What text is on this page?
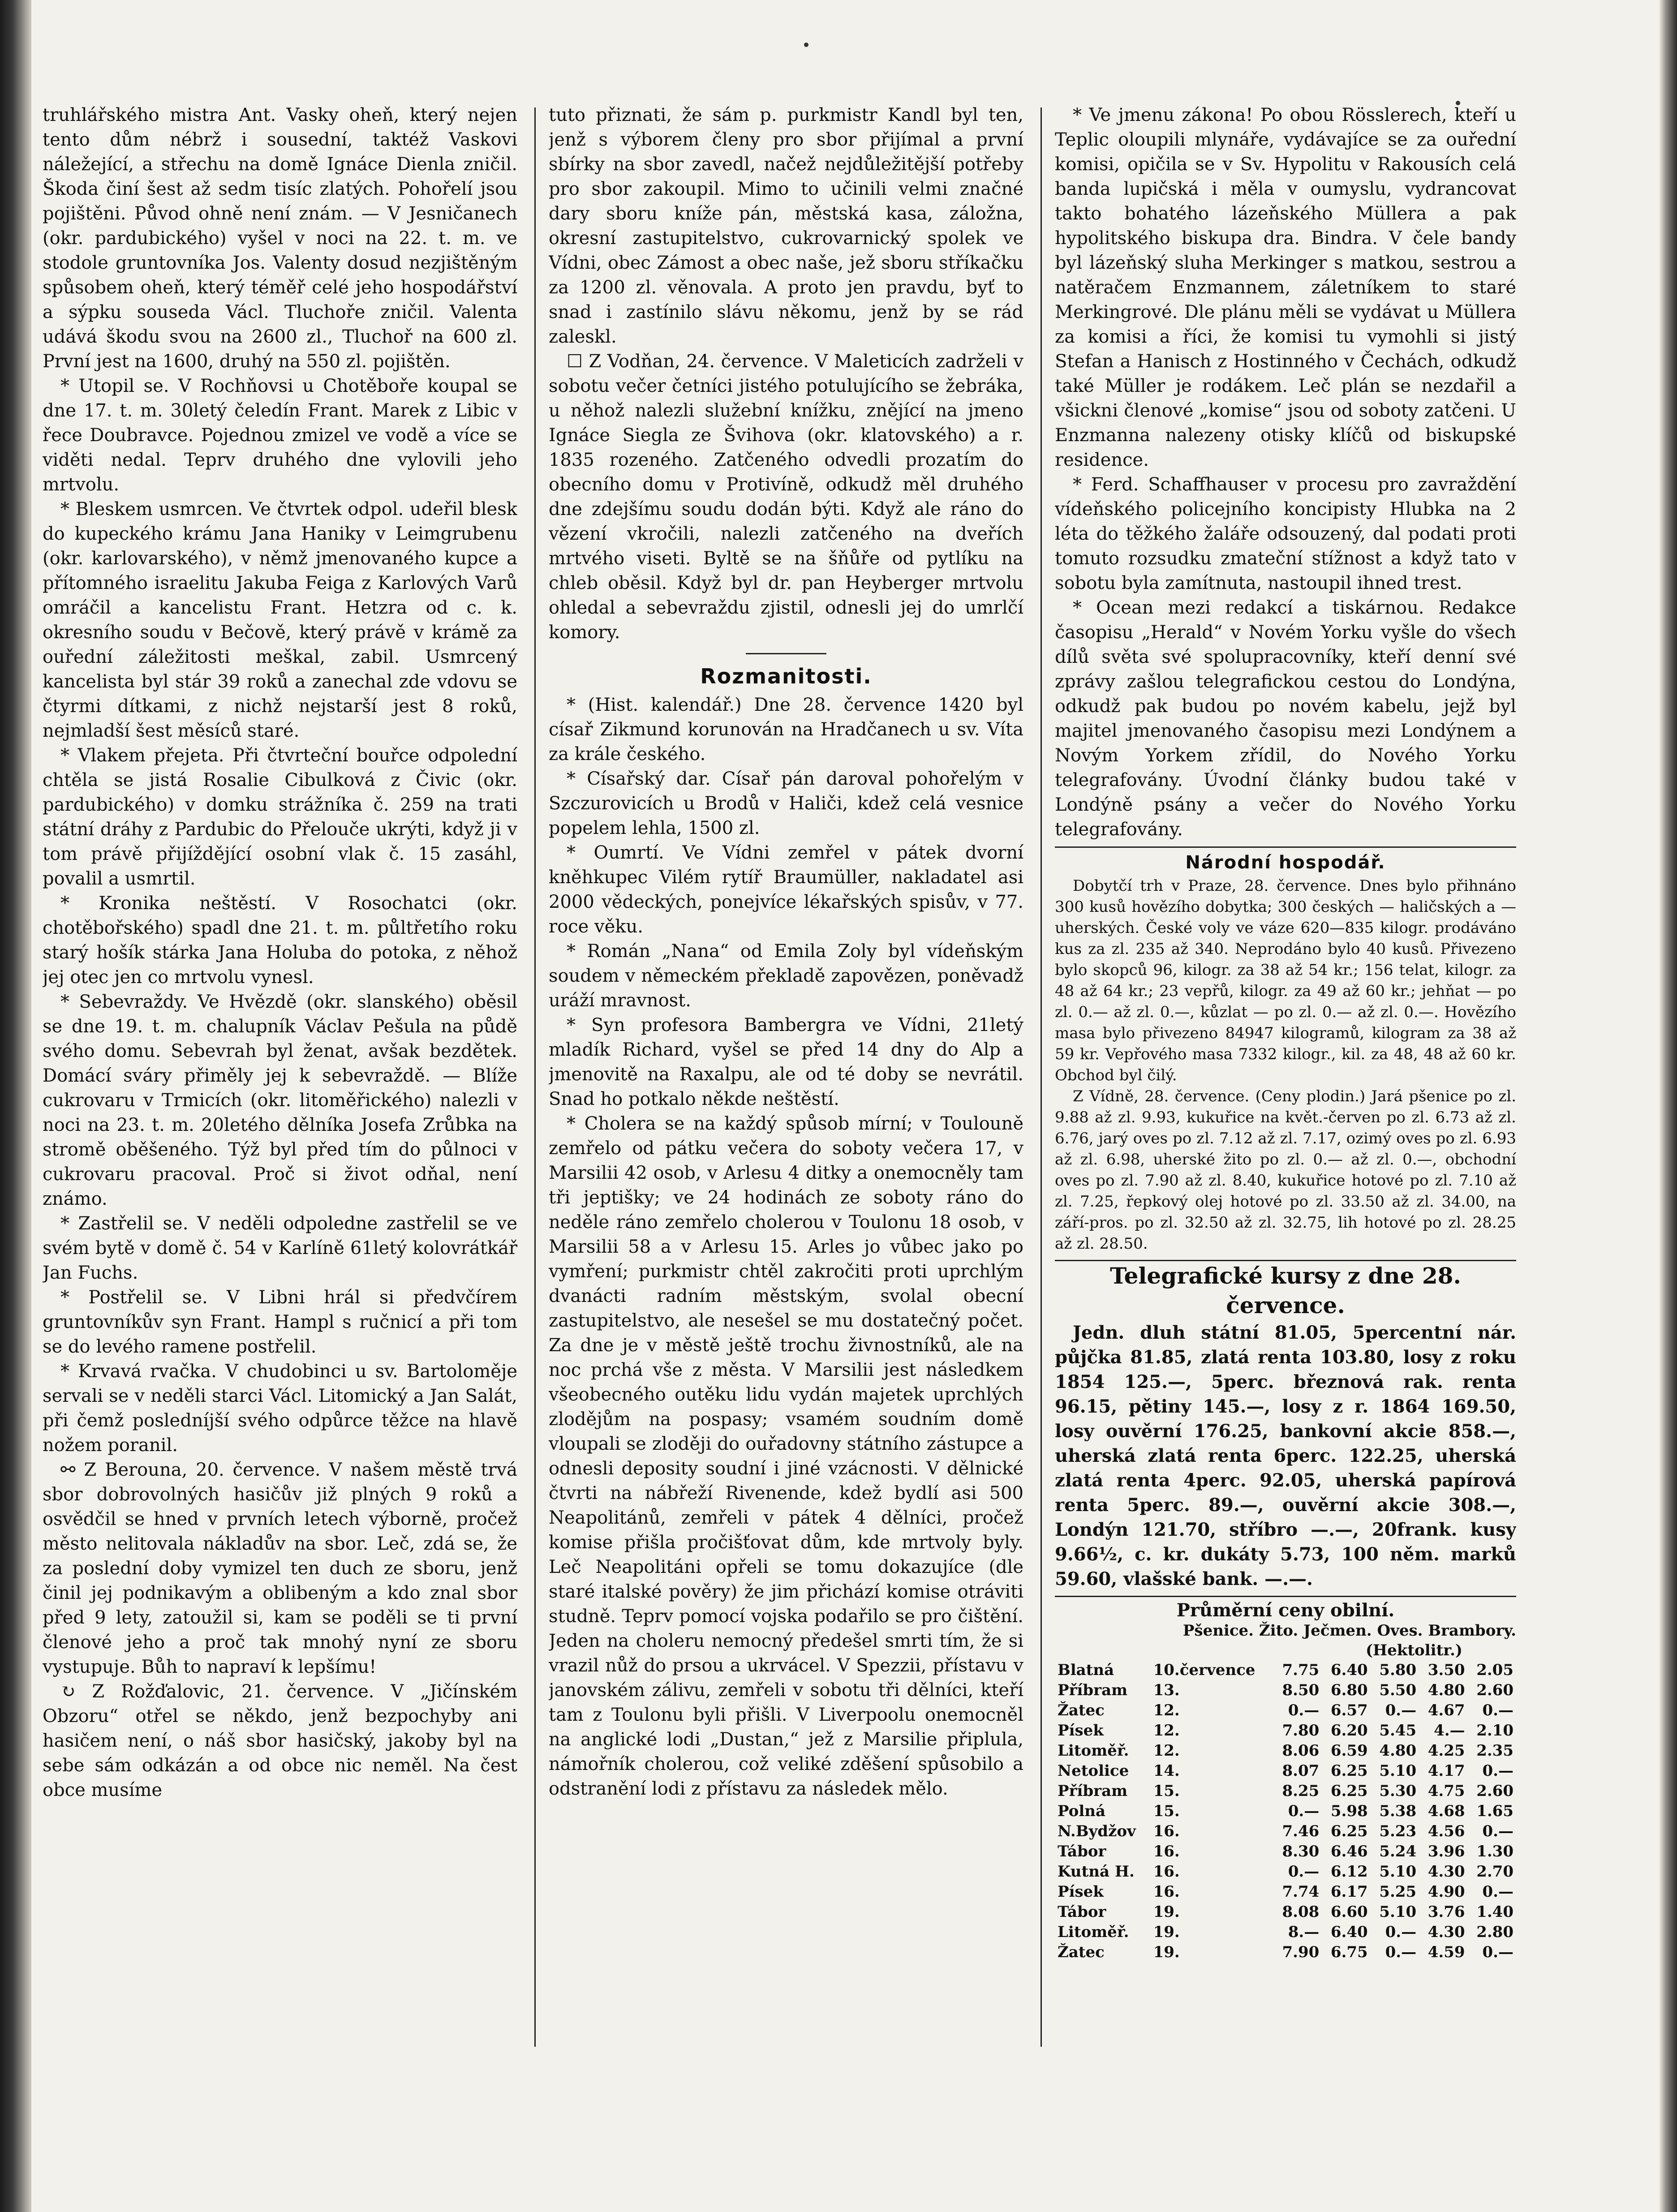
truhlářského mistra Ant. Vasky oheň, který nejen tento dům nébrž i sousední, taktéž Vaskovi náležející, a střechu na domě Ignáce Dienla zničil. Škoda činí šest až sedm tisíc zlatých. Pohořelí jsou pojištěni. Původ ohně není znám. — V Jesničanech (okr. pardubického) vyšel v noci na 22. t. m. ve stodole gruntovníka Jos. Valenty dosud nezjištěným spůsobem oheň, který téměř celé jeho hospodářství a sýpku souseda Václ. Tluchoře zničil. Valenta udává škodu svou na 2600 zl., Tluchoř na 600 zl. První jest na 1600, druhý na 550 zl. pojištěn.

* Utopil se. V Rochňovsi u Chotěboře koupal se dne 17. t. m. 30letý čeledín Frant. Marek z Libic v řece Doubravce. Pojednou zmizel ve vodě a více se viděti nedal. Teprv druhého dne vylovili jeho mrtvolu.

* Bleskem usmrcen. Ve čtvrtek odpol. udeřil blesk do kupeckého krámu Jana Haniky v Leimgrubenu (okr. karlovarského), v němž jmenovaného kupce a přítomného israelitu Jakuba Feiga z Karlových Varů omráčil a kancelistu Frant. Hetzra od c. k. okresního soudu v Bečově, který právě v krámě za ouřední záležitosti meškal, zabil. Usmrcený kancelista byl stár 39 roků a zanechal zde vdovu se čtyrmi dítkami, z nichž nejstarší jest 8 roků, nejmladší šest měsíců staré.

* Vlakem přejeta. Při čtvrteční bouřce odpolední chtěla se jistá Rosalie Cibulková z Čivic (okr. pardubického) v domku strážníka č. 259 na trati státní dráhy z Pardubic do Přelouče ukrýti, když ji v tom právě přijíždějící osobní vlak č. 15 zasáhl, povalil a usmrtil.

* Kronika neštěstí. V Rosochatci (okr. chotěbořského) spadl dne 21. t. m. půltřetího roku starý hošík stárka Jana Holuba do potoka, z něhož jej otec jen co mrtvolu vynesl.

* Sebevraždy. Ve Hvězdě (okr. slanského) oběsil se dne 19. t. m. chalupník Václav Pešula na půdě svého domu. Sebevrah byl ženat, avšak bezdětek. Domácí sváry přiměly jej k sebevraždě. — Blíže cukrovaru v Trmicích (okr. litoměřického) nalezli v noci na 23. t. m. 20letého dělníka Josefa Zrůbka na stromě oběšeného. Týž byl před tím do půlnoci v cukrovaru pracoval. Proč si život odňal, není známo.

* Zastřelil se. V neděli odpoledne zastřelil se ve svém bytě v domě č. 54 v Karlíně 61letý kolovrátkář Jan Fuchs.

* Postřelil se. V Libni hrál si předvčírem gruntovníkův syn Frant. Hampl s ručnicí a při tom se do levého ramene postřelil.

* Krvavá rvačka. V chudobinci u sv. Bartoloměje servali se v neděli starci Václ. Litomický a Jan Salát, při čemž posledníjší svého odpůrce těžce na hlavě nožem poranil.

⚯ Z Berouna, 20. července. V našem městě trvá sbor dobrovolných hasičův již plných 9 roků a osvědčil se hned v prvních letech výborně, pročež město nelitovala nákladův na sbor. Leč, zdá se, že za poslední doby vymizel ten duch ze sboru, jenž činil jej podnikavým a oblibeným a kdo znal sbor před 9 lety, zatoužil si, kam se poděli se ti první členové jeho a proč tak mnohý nyní ze sboru vystupuje. Bůh to napraví k lepšímu!

↻ Z Rožďalovic, 21. července. V „Jičínském Obzoru“ otřel se někdo, jenž bezpochyby ani hasičem není, o náš sbor hasičský, jakoby byl na sebe sám odkázán a od obce nic neměl. Na čest obce musíme

tuto přiznati, že sám p. purkmistr Kandl byl ten, jenž s výborem členy pro sbor přijímal a první sbírky na sbor zavedl, načež nejdůležitější potřeby pro sbor zakoupil. Mimo to učinili velmi značné dary sboru kníže pán, městská kasa, záložna, okresní zastupitelstvo, cukrovarnický spolek ve Vídni, obec Zámost a obec naše, jež sboru stříkačku za 1200 zl. věnovala. A proto jen pravdu, byť to snad i zastínilo slávu někomu, jenž by se rád zaleskl.

☐ Z Vodňan, 24. července. V Maleticích zadrželi v sobotu večer četníci jistého potulujícího se žebráka, u něhož nalezli služební knížku, znějící na jmeno Ignáce Siegla ze Švihova (okr. klatovského) a r. 1835 rozeného. Zatčeného odvedli prozatím do obecního domu v Protivíně, odkudž měl druhého dne zdejšímu soudu dodán býti. Když ale ráno do vězení vkročili, nalezli zatčeného na dveřích mrtvého viseti. Byltě se na šňůře od pytlíku na chleb oběsil. Když byl dr. pan Heyberger mrtvolu ohledal a sebevraždu zjistil, odnesli jej do umrlčí komory.

Rozmanitosti.

* (Hist. kalendář.) Dne 28. července 1420 byl císař Zikmund korunován na Hradčanech u sv. Víta za krále českého.

* Císařský dar. Císař pán daroval pohořelým v Szczurovicích u Brodů v Haliči, kdež celá vesnice popelem lehla, 1500 zl.

* Oumrtí. Ve Vídni zemřel v pátek dvorní kněhkupec Vilém rytíř Braumüller, nakladatel asi 2000 vědeckých, ponejvíce lékařských spisův, v 77. roce věku.

* Román „Nana“ od Emila Zoly byl vídeňským soudem v německém překladě zapovězen, poněvadž uráží mravnost.

* Syn profesora Bambergra ve Vídni, 21letý mladík Richard, vyšel se před 14 dny do Alp a jmenovitě na Raxalpu, ale od té doby se nevrátil. Snad ho potkalo někde neštěstí.

* Cholera se na každý spůsob mírní; v Toulouně zemřelo od pátku večera do soboty večera 17, v Marsilii 42 osob, v Arlesu 4 ditky a onemocněly tam tři jeptišky; ve 24 hodinách ze soboty ráno do neděle ráno zemřelo cholerou v Toulonu 18 osob, v Marsilii 58 a v Arlesu 15. Arles jo vůbec jako po vymření; purkmistr chtěl zakročiti proti uprchlým dvanácti radním městským, svolal obecní zastupitelstvo, ale nesešel se mu dostatečný počet. Za dne je v městě ještě trochu živnostníků, ale na noc prchá vše z města. V Marsilii jest následkem všeobecného outěku lidu vydán majetek uprchlých zlodějům na pospasy; vsamém soudním domě vloupali se zloději do ouřadovny státního zástupce a odnesli deposity soudní i jiné vzácnosti. V dělnické čtvrti na nábřeží Rivenende, kdež bydlí asi 500 Neapolitánů, zemřeli v pátek 4 dělníci, pročež komise přišla pročišťovat dům, kde mrtvoly byly. Leč Neapolitáni opřeli se tomu dokazujíce (dle staré italské pověry) že jim přichází komise otráviti studně. Teprv pomocí vojska podařilo se pro čištění. Jeden na choleru nemocný předešel smrti tím, že si vrazil nůž do prsou a ukrvácel. V Spezzii, přístavu v janovském zálivu, zemřeli v sobotu tři dělníci, kteří tam z Toulonu byli přišli. V Liverpoolu onemocněl na anglické lodi „Dustan,“ jež z Marsilie připlula, námořník cholerou, což veliké zděšení spůsobilo a odstranění lodi z přístavu za následek mělo.

* Ve jmenu zákona! Po obou Rösslerech, kteří u Teplic oloupili mlynáře, vydávajíce se za ouřední komisi, opičila se v Sv. Hypolitu v Rakousích celá banda lupičská i měla v oumyslu, vydrancovat takto bohatého lázeňského Müllera a pak hypolitského biskupa dra. Bindra. V čele bandy byl lázeňský sluha Merkinger s matkou, sestrou a natěračem Enzmannem, záletníkem to staré Merkingrové. Dle plánu měli se vydávat u Müllera za komisi a říci, že komisi tu vymohli si jistý Stefan a Hanisch z Hostinného v Čechách, odkudž také Müller je rodákem. Leč plán se nezdařil a všickni členové „komise“ jsou od soboty zatčeni. U Enzmanna nalezeny otisky klíčů od biskupské residence.

* Ferd. Schaffhauser v procesu pro zavraždění vídeňského policejního koncipisty Hlubka na 2 léta do těžkého žaláře odsouzený, dal podati proti tomuto rozsudku zmateční stížnost a když tato v sobotu byla zamítnuta, nastoupil ihned trest.

* Ocean mezi redakcí a tiskárnou. Redakce časopisu „Herald“ v Novém Yorku vyšle do všech dílů světa své spolupracovníky, kteří denní své zprávy zašlou telegrafickou cestou do Londýna, odkudž pak budou po novém kabelu, jejž byl majitel jmenovaného časopisu mezi Londýnem a Novým Yorkem zřídil, do Nového Yorku telegrafovány. Úvodní články budou také v Londýně psány a večer do Nového Yorku telegrafovány.

Národní hospodář.

Dobytčí trh v Praze, 28. července. Dnes bylo přihnáno 300 kusů hovězího dobytka; 300 českých — haličských a — uherských. České voly ve váze 620—835 kilogr. prodáváno kus za zl. 235 až 340. Neprodáno bylo 40 kusů. Přivezeno bylo skopců 96, kilogr. za 38 až 54 kr.; 156 telat, kilogr. za 48 až 64 kr.; 23 vepřů, kilogr. za 49 až 60 kr.; jehňat — po zl. 0.— až zl. 0.—, kůzlat — po zl. 0.— až zl. 0.—. Hovězího masa bylo přivezeno 84947 kilogramů, kilogram za 38 až 59 kr. Vepřového masa 7332 kilogr., kil. za 48, 48 až 60 kr. Obchod byl čilý.

Z Vídně, 28. července. (Ceny plodin.) Jará pšenice po zl. 9.88 až zl. 9.93, kukuřice na květ.-červen po zl. 6.73 až zl. 6.76, jarý oves po zl. 7.12 až zl. 7.17, ozimý oves po zl. 6.93 až zl. 6.98, uherské žito po zl. 0.— až zl. 0.—, obchodní oves po zl. 7.90 až zl. 8.40, kukuřice hotové po zl. 7.10 až zl. 7.25, řepkový olej hotové po zl. 33.50 až zl. 34.00, na září-pros. po zl. 32.50 až zl. 32.75, lih hotové po zl. 28.25 až zl. 28.50.

Telegrafické kursy z dne 28. července.

Jedn. dluh státní 81.05, 5percentní nár. půjčka 81.85, zlatá renta 103.80, losy z roku 1854 125.—, 5perc. březnová rak. renta 96.15, pětiny 145.—, losy z r. 1864 169.50, losy ouvěrní 176.25, bankovní akcie 858.—, uherská zlatá renta 6perc. 122.25, uherská zlatá renta 4perc. 92.05, uherská papírová renta 5perc. 89.—, ouvěrní akcie 308.—, Londýn 121.70, stříbro —.—, 20frank. kusy 9.66½, c. kr. dukáty 5.73, 100 něm. marků 59.60, vlašské bank. —.—.

Průměrní ceny obilní.
Pšenice. Žito. Ječmen. Oves. Brambory.
(Hektolitr.)
Blatná	10.července	7.75	6.40	5.80	3.50	2.05
Příbram	13.	8.50	6.80	5.50	4.80	2.60
Žatec	12.	0.—	6.57	0.—	4.67	0.—
Písek	12.	7.80	6.20	5.45	4.—	2.10
Litoměř.	12.	8.06	6.59	4.80	4.25	2.35
Netolice	14.	8.07	6.25	5.10	4.17	0.—
Příbram	15.	8.25	6.25	5.30	4.75	2.60
Polná	15.	0.—	5.98	5.38	4.68	1.65
N.Bydžov	16.	7.46	6.25	5.23	4.56	0.—
Tábor	16.	8.30	6.46	5.24	3.96	1.30
Kutná H.	16.	0.—	6.12	5.10	4.30	2.70
Písek	16.	7.74	6.17	5.25	4.90	0.—
Tábor	19.	8.08	6.60	5.10	3.76	1.40
Litoměř.	19.	8.—	6.40	0.—	4.30	2.80
Žatec	19.	7.90	6.75	0.—	4.59	0.—
